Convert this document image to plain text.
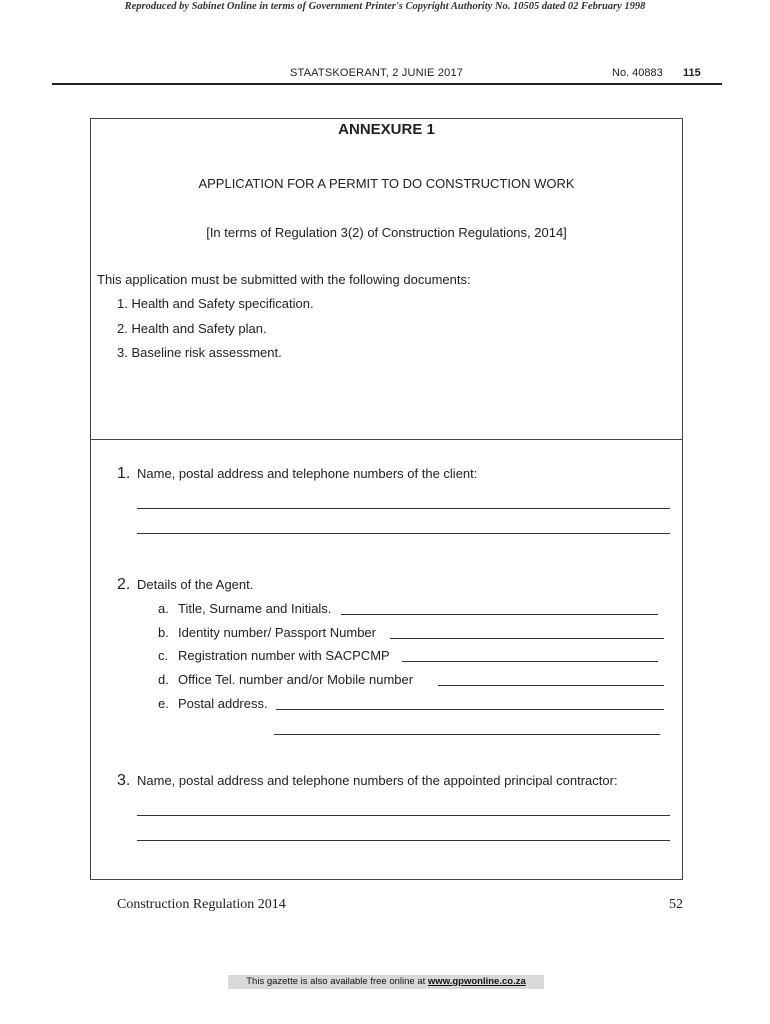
Reproduced by Sabinet Online in terms of Government Printer's Copyright Authority No. 10505 dated 02 February 1998
STAATSKOERANT, 2 JUNIE 2017	No. 40883 115
ANNEXURE 1
APPLICATION FOR A PERMIT TO DO CONSTRUCTION WORK
[In terms of Regulation 3(2) of Construction Regulations, 2014]
This application must be submitted with the following documents:
1. Health and Safety specification.
2. Health and Safety plan.
3. Baseline risk assessment.
1. Name, postal address and telephone numbers of the client:
2. Details of the Agent.
a. Title, Surname and Initials.
b. Identity number/ Passport Number
c. Registration number with SACPCMP
d. Office Tel. number and/or Mobile number
e. Postal address.
3. Name, postal address and telephone numbers of the appointed principal contractor:
Construction Regulation 2014	52
This gazette is also available free online at www.gpwonline.co.za
